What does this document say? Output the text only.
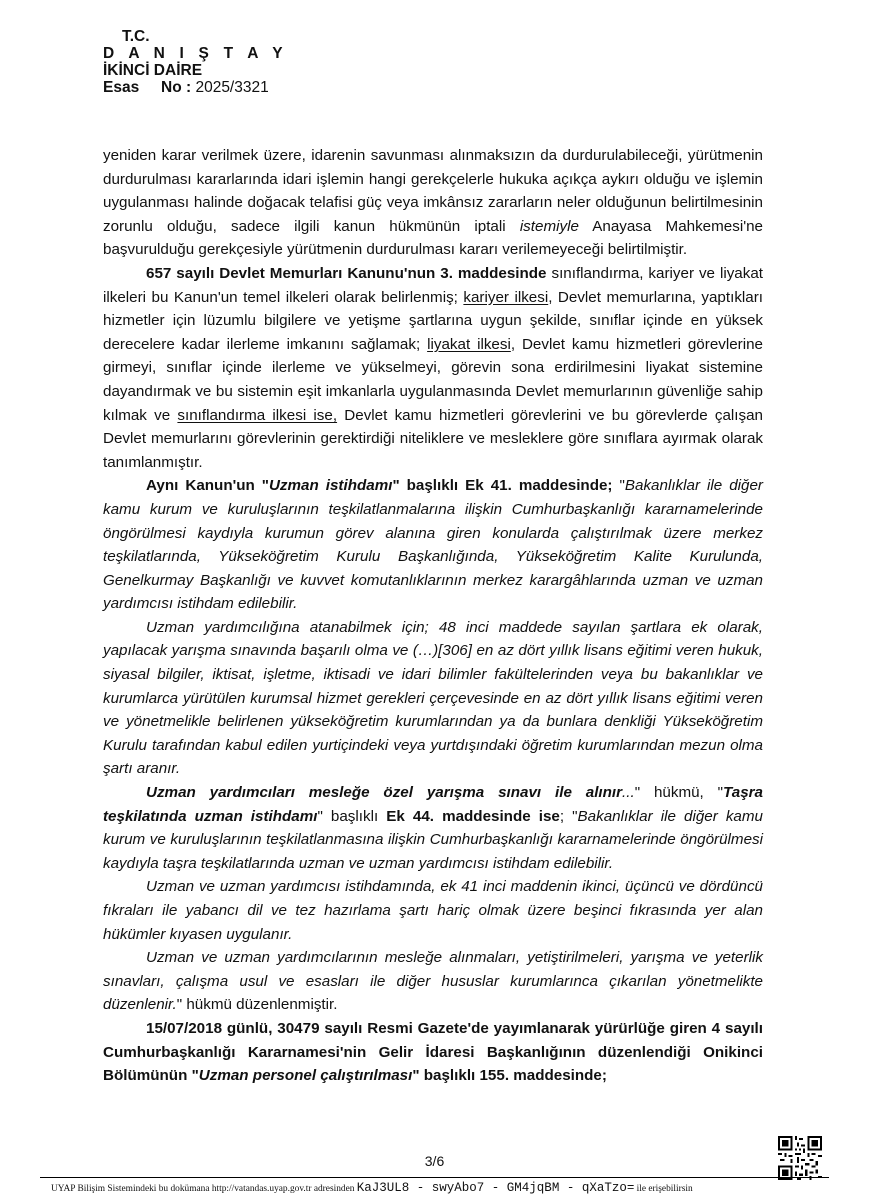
T.C.
D A N I Ş T A Y
İKİNCİ DAİRE
Esas No : 2025/3321

yeniden karar verilmek üzere, idarenin savunması alınmaksızın da durdurulabileceği, yürütmenin durdurulması kararlarında idari işlemin hangi gerekçelerle hukuka açıkça aykırı olduğu ve işlemin uygulanması halinde doğacak telafisi güç veya imkânsız zararların neler olduğunun belirtilmesinin zorunlu olduğu, sadece ilgili kanun hükmünün iptali istemiyle Anayasa Mahkemesi'ne başvurulduğu gerekçesiyle yürütmenin durdurulması kararı verilemeyeceği belirtilmiştir.

657 sayılı Devlet Memurları Kanunu'nun 3. maddesinde sınıflandırma, kariyer ve liyakat ilkeleri bu Kanun'un temel ilkeleri olarak belirlenmiş; kariyer ilkesi, Devlet memurlarına, yaptıkları hizmetler için lüzumlu bilgilere ve yetişme şartlarına uygun şekilde, sınıflar içinde en yüksek derecelere kadar ilerleme imkanını sağlamak; liyakat ilkesi, Devlet kamu hizmetleri görevlerine girmeyi, sınıflar içinde ilerleme ve yükselmeyi, görevin sona erdirilmesini liyakat sistemine dayandırmak ve bu sistemin eşit imkanlarla uygulanmasında Devlet memurlarının güvenliğe sahip kılmak ve sınıflandırma ilkesi ise, Devlet kamu hizmetleri görevlerini ve bu görevlerde çalışan Devlet memurlarını görevlerinin gerektirdiği niteliklere ve mesleklere göre sınıflara ayırmak olarak tanımlanmıştır.

Aynı Kanun'un "Uzman istihdamı" başlıklı Ek 41. maddesinde; "Bakanlıklar ile diğer kamu kurum ve kuruluşlarının teşkilatlanmalarına ilişkin Cumhurbaşkanlığı kararnamelerinde öngörülmesi kaydıyla kurumun görev alanına giren konularda çalıştırılmak üzere merkez teşkilatlarında, Yükseköğretim Kurulu Başkanlığında, Yükseköğretim Kalite Kurulunda, Genelkurmay Başkanlığı ve kuvvet komutanlıklarının merkez karargâhlarında uzman ve uzman yardımcısı istihdam edilebilir.

Uzman yardımcılığına atanabilmek için; 48 inci maddede sayılan şartlara ek olarak, yapılacak yarışma sınavında başarılı olma ve (…)[306] en az dört yıllık lisans eğitimi veren hukuk, siyasal bilgiler, iktisat, işletme, iktisadi ve idari bilimler fakültelerinden veya bu bakanlıklar ve kurumlarca yürütülen kurumsal hizmet gerekleri çerçevesinde en az dört yıllık lisans eğitimi veren ve yönetmelikle belirlenen yükseköğretim kurumlarından ya da bunlara denkliği Yükseköğretim Kurulu tarafından kabul edilen yurtiçindeki veya yurtdışındaki öğretim kurumlarından mezun olma şartı aranır.

Uzman yardımcıları mesleğe özel yarışma sınavı ile alınır..." hükmü, "Taşra teşkilatında uzman istihdamı" başlıklı Ek 44. maddesinde ise; "Bakanlıklar ile diğer kamu kurum ve kuruluşlarının teşkilatlanmasına ilişkin Cumhurbaşkanlığı kararnamelerinde öngörülmesi kaydıyla taşra teşkilatlarında uzman ve uzman yardımcısı istihdam edilebilir.

Uzman ve uzman yardımcısı istihdamında, ek 41 inci maddenin ikinci, üçüncü ve dördüncü fıkraları ile yabancı dil ve tez hazırlama şartı hariç olmak üzere beşinci fıkrasında yer alan hükümler kıyasen uygulanır.

Uzman ve uzman yardımcılarının mesleğe alınmaları, yetiştirilmeleri, yarışma ve yeterlik sınavları, çalışma usul ve esasları ile diğer hususlar kurumlarınca çıkarılan yönetmelikte düzenlenir." hükmü düzenlenmiştir.

15/07/2018 günlü, 30479 sayılı Resmi Gazete'de yayımlanarak yürürlüğe giren 4 sayılı Cumhurbaşkanlığı Kararnamesi'nin Gelir İdaresi Başkanlığının düzenlendiği Onikinci Bölümünün "Uzman personel çalıştırılması" başlıklı 155. maddesinde;

3/6
UYAP Bilişim Sistemindeki bu dokümana http://vatandas.uyap.gov.tr adresinden KaJ3UL8 - swyAbo7 - GM4jqBM - qXaTzo= ile erişebilirsin
